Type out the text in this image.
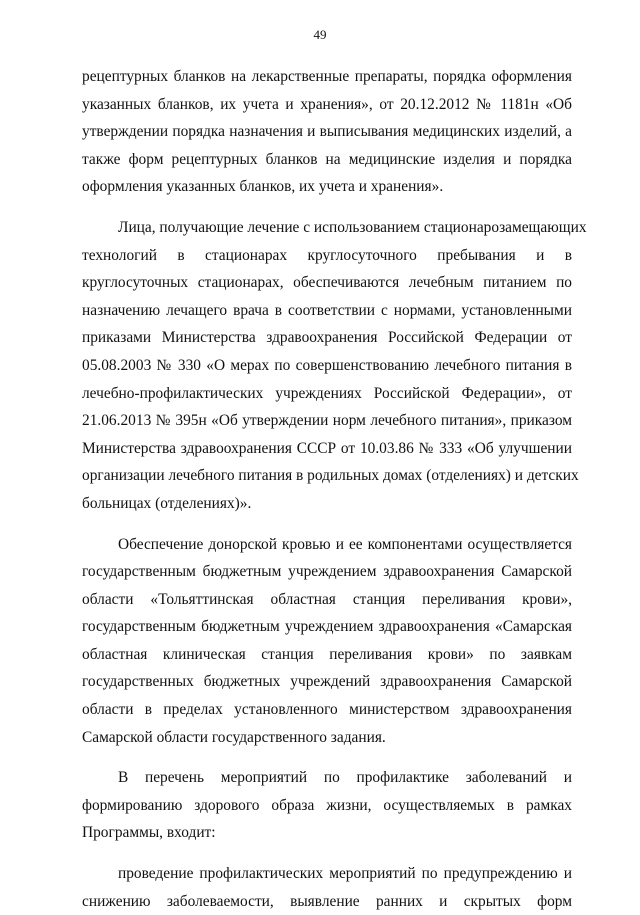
49
рецептурных бланков на лекарственные препараты, порядка оформления
указанных бланков, их учета и хранения», от 20.12.2012 № 1181н «Об
утверждении порядка назначения и выписывания медицинских изделий, а
также форм рецептурных бланков на медицинские изделия и порядка
оформления указанных бланков, их учета и хранения».
Лица, получающие лечение с использованием стационарозамещающих
технологий в стационарах круглосуточного пребывания и в
круглосуточных стационарах, обеспечиваются лечебным питанием по
назначению лечащего врача в соответствии с нормами, установленными
приказами Министерства здравоохранения Российской Федерации от
05.08.2003 № 330 «О мерах по совершенствованию лечебного питания в
лечебно-профилактических учреждениях Российской Федерации», от
21.06.2013 № 395н «Об утверждении норм лечебного питания», приказом
Министерства здравоохранения СССР от 10.03.86 № 333 «Об улучшении
организации лечебного питания в родильных домах (отделениях) и детских
больницах (отделениях)».
Обеспечение донорской кровью и ее компонентами осуществляется
государственным бюджетным учреждением здравоохранения Самарской
области «Тольяттинская областная станция переливания крови»,
государственным бюджетным учреждением здравоохранения «Самарская
областная клиническая станция переливания крови» по заявкам
государственных бюджетных учреждений здравоохранения Самарской
области в пределах установленного министерством здравоохранения
Самарской области государственного задания.
В перечень мероприятий по профилактике заболеваний и
формированию здорового образа жизни, осуществляемых в рамках
Программы, входит:
проведение профилактических мероприятий по предупреждению и
снижению заболеваемости, выявление ранних и скрытых форм
